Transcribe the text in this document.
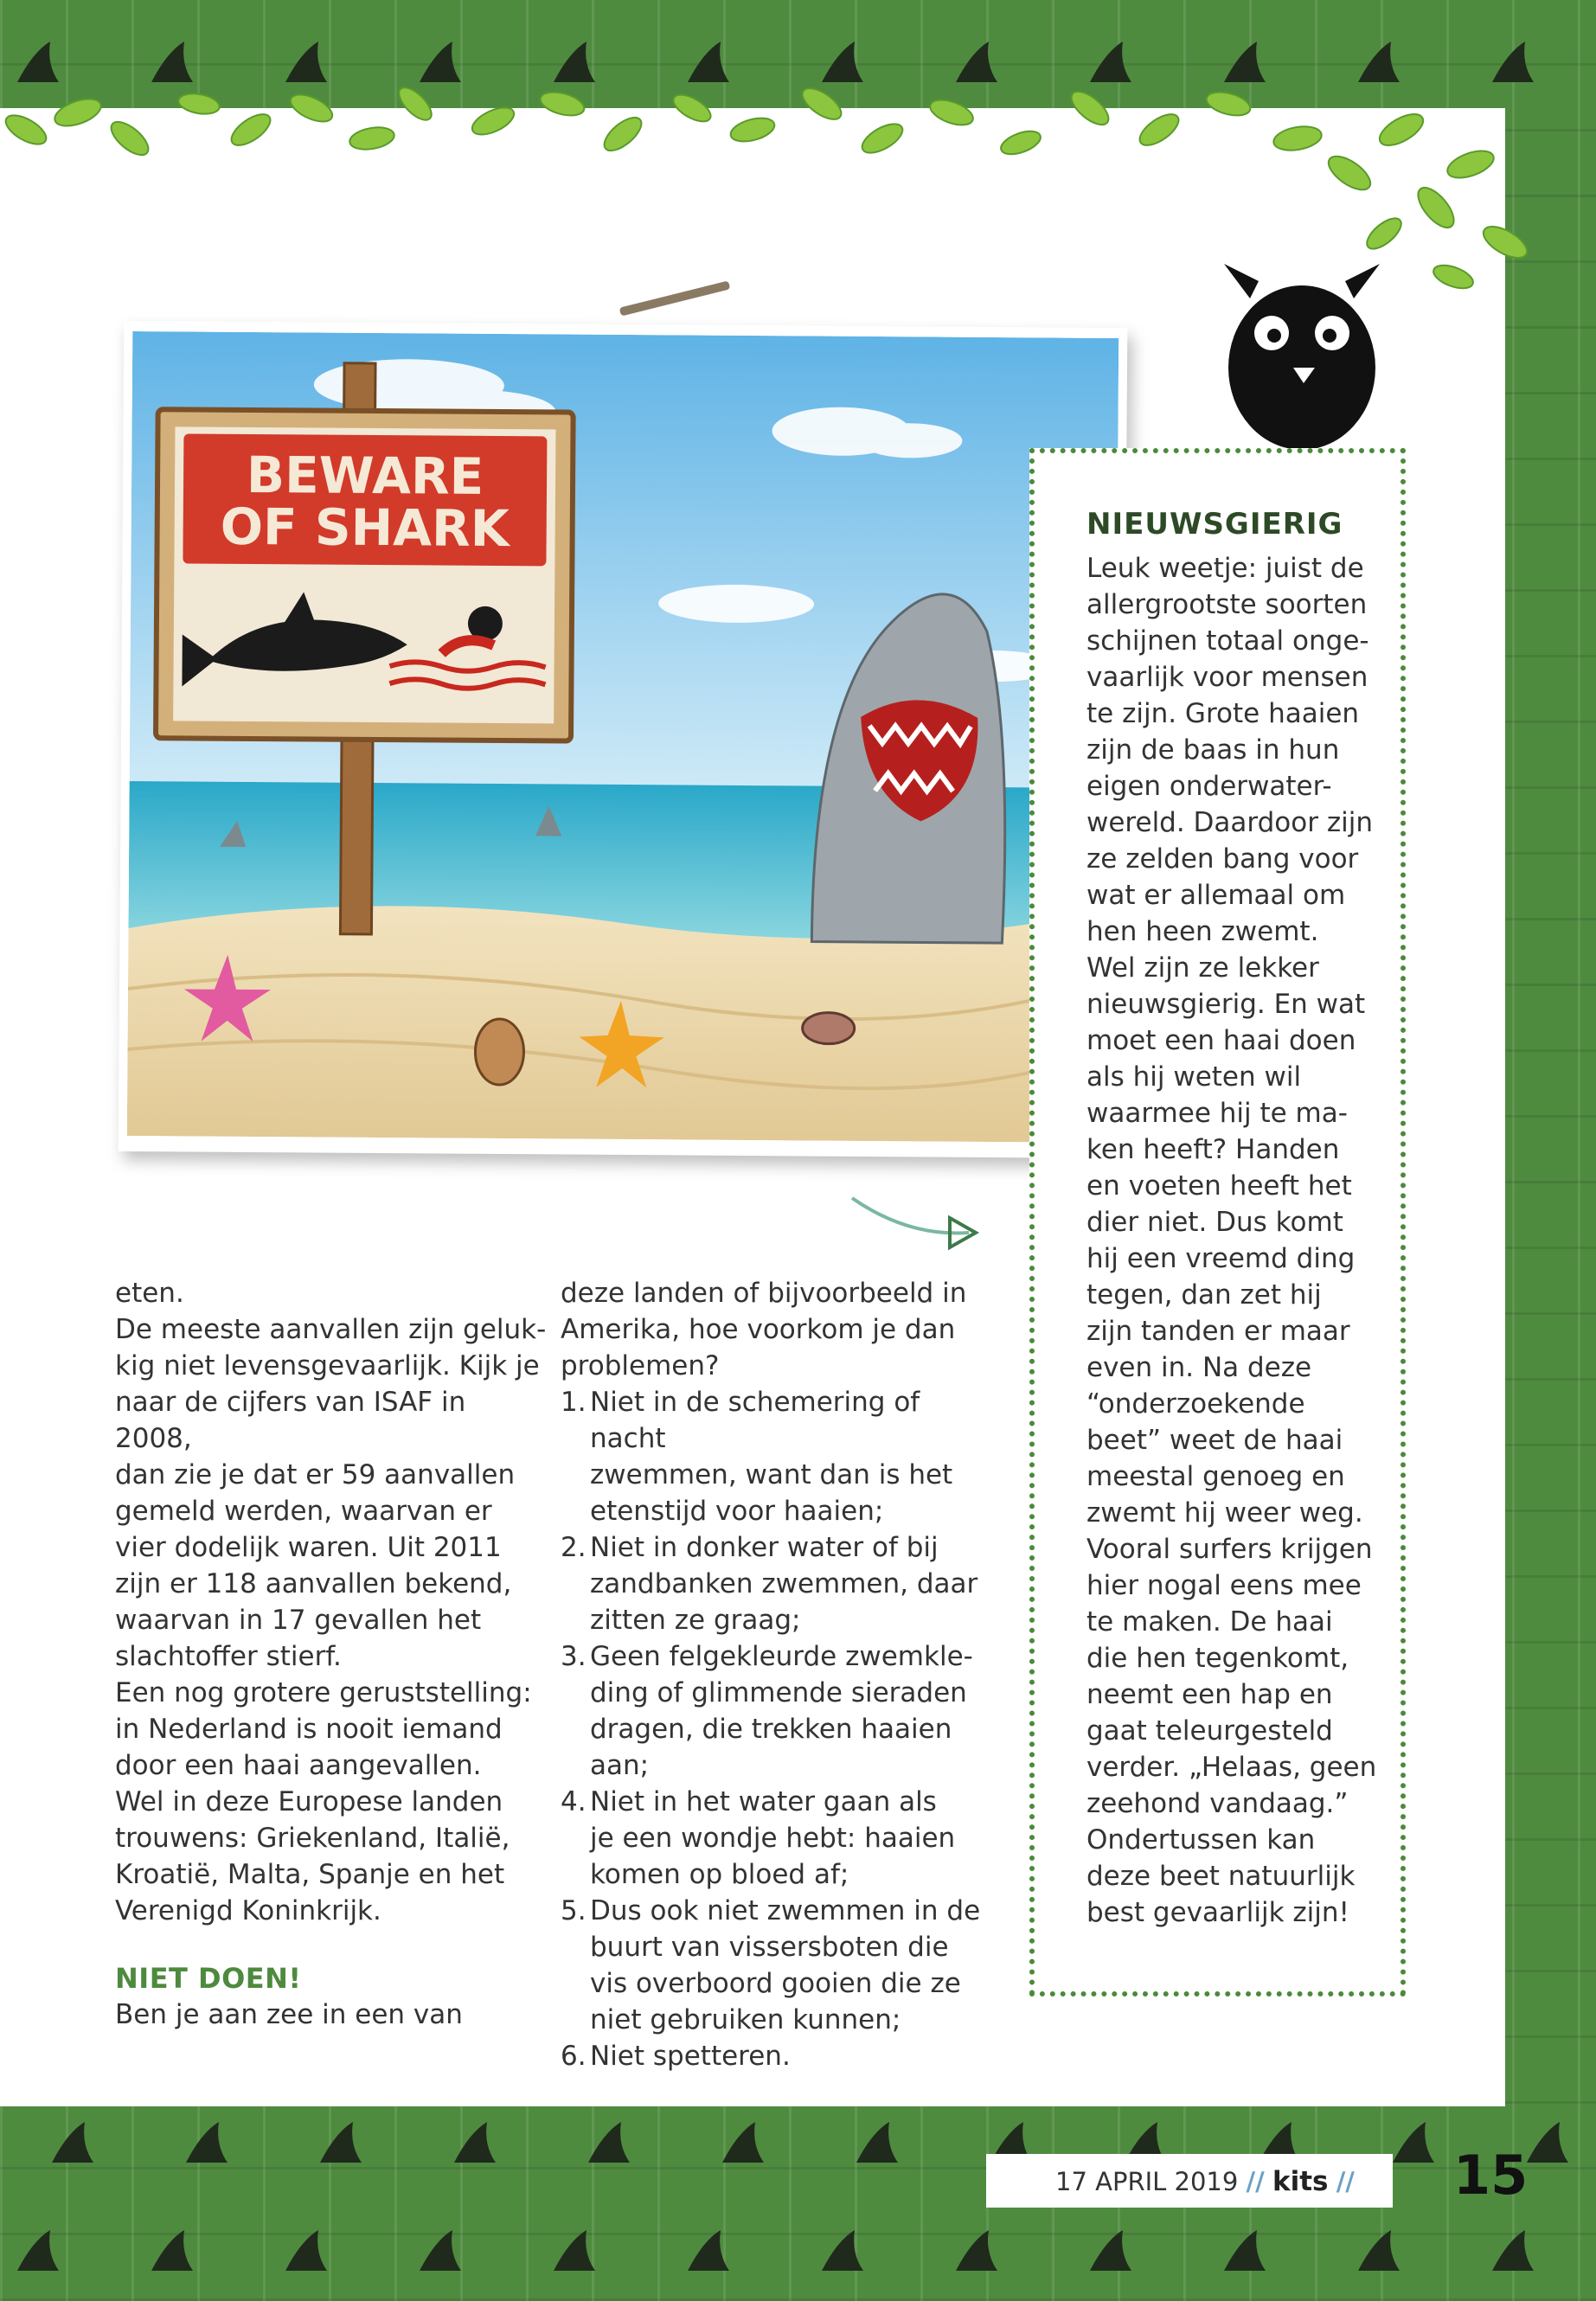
BEWARE
OF SHARK	NIEUWSGIERIG
Leuk weetje: juist de
allergrootste soorten
schijnen totaal onge-
vaarlijk voor mensen
te zijn. Grote haaien
zijn de baas in hun
eigen onderwater-
wereld. Daardoor zijn
ze zelden bang voor
wat er allemaal om
hen heen zwemt.
Wel zijn ze lekker
nieuwsgierig. En wat
moet een haai doen
als hij weten wil
waarmee hij te ma-
ken heeft? Handen
en voeten heeft het
dier niet. Dus komt
hij een vreemd ding
tegen, dan zet hij
zijn tanden er maar
even in. Na deze
“onderzoekende
beet” weet de haai
meestal genoeg en
zwemt hij weer weg.
Vooral surfers krijgen
hier nogal eens mee
te maken. De haai
die hen tegenkomt,
neemt een hap en
gaat teleurgesteld
verder. „Helaas, geen
zeehond vandaag.”
Ondertussen kan
deze beet natuurlijk
best gevaarlijk zijn!
eten.
De meeste aanvallen zijn geluk-
kig niet levensgevaarlijk. Kijk je
naar de cijfers van ISAF in 2008,
dan zie je dat er 59 aanvallen
gemeld werden, waarvan er
vier dodelijk waren. Uit 2011
zijn er 118 aanvallen bekend,
waarvan in 17 gevallen het
slachtoffer stierf.
Een nog grotere geruststelling:
in Nederland is nooit iemand
door een haai aangevallen.
Wel in deze Europese landen
trouwens: Griekenland, Italië,
Kroatië, Malta, Spanje en het
Verenigd Koninkrijk.
NIET DOEN!
Ben je aan zee in een van
deze landen of bijvoorbeeld in
Amerika, hoe voorkom je dan
problemen?
1. Niet in de schemering of nacht
zwemmen, want dan is het
etenstijd voor haaien;
2. Niet in donker water of bij
zandbanken zwemmen, daar
zitten ze graag;
3. Geen felgekleurde zwemkle-
ding of glimmende sieraden
dragen, die trekken haaien aan;
4. Niet in het water gaan als
je een wondje hebt: haaien
komen op bloed af;
5. Dus ook niet zwemmen in de
buurt van vissersboten die
vis overboord gooien die ze
niet gebruiken kunnen;
6. Niet spetteren.
17 APRIL 2019 // kits // 15
